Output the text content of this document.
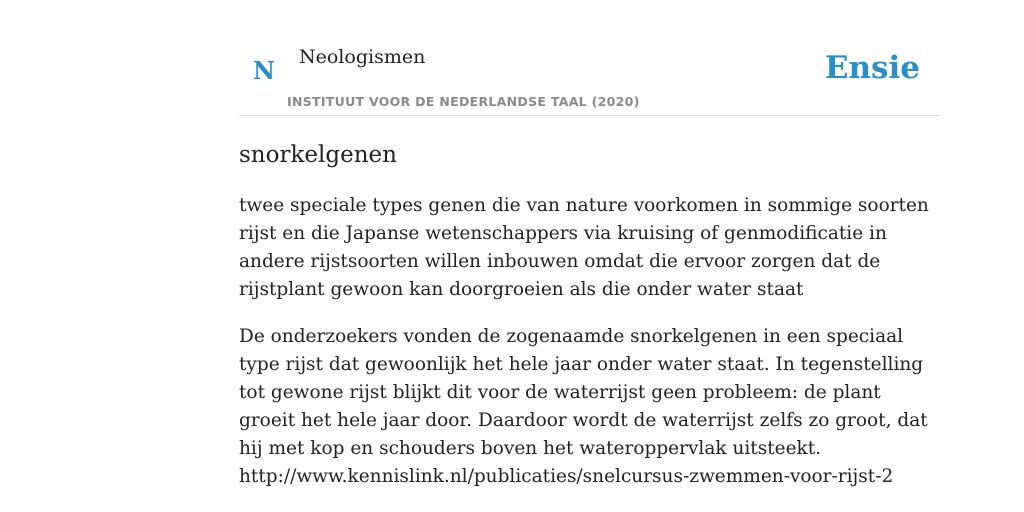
N Neologismen
INSTITUUT VOOR DE NEDERLANDSE TAAL (2020)
Ensie
snorkelgenen

twee speciale types genen die van nature voorkomen in sommige soorten rijst en die Japanse wetenschappers via kruising of genmodificatie in andere rijstsoorten willen inbouwen omdat die ervoor zorgen dat de rijstplant gewoon kan doorgroeien als die onder water staat

De onderzoekers vonden de zogenaamde snorkelgenen in een speciaal type rijst dat gewoonlijk het hele jaar onder water staat. In tegenstelling tot gewone rijst blijkt dit voor de waterrijst geen probleem: de plant groeit het hele jaar door. Daardoor wordt de waterrijst zelfs zo groot, dat hij met kop en schouders boven het wateroppervlak uitsteekt.
http://www.kennislink.nl/publicaties/snelcursus-zwemmen-voor-rijst-2
